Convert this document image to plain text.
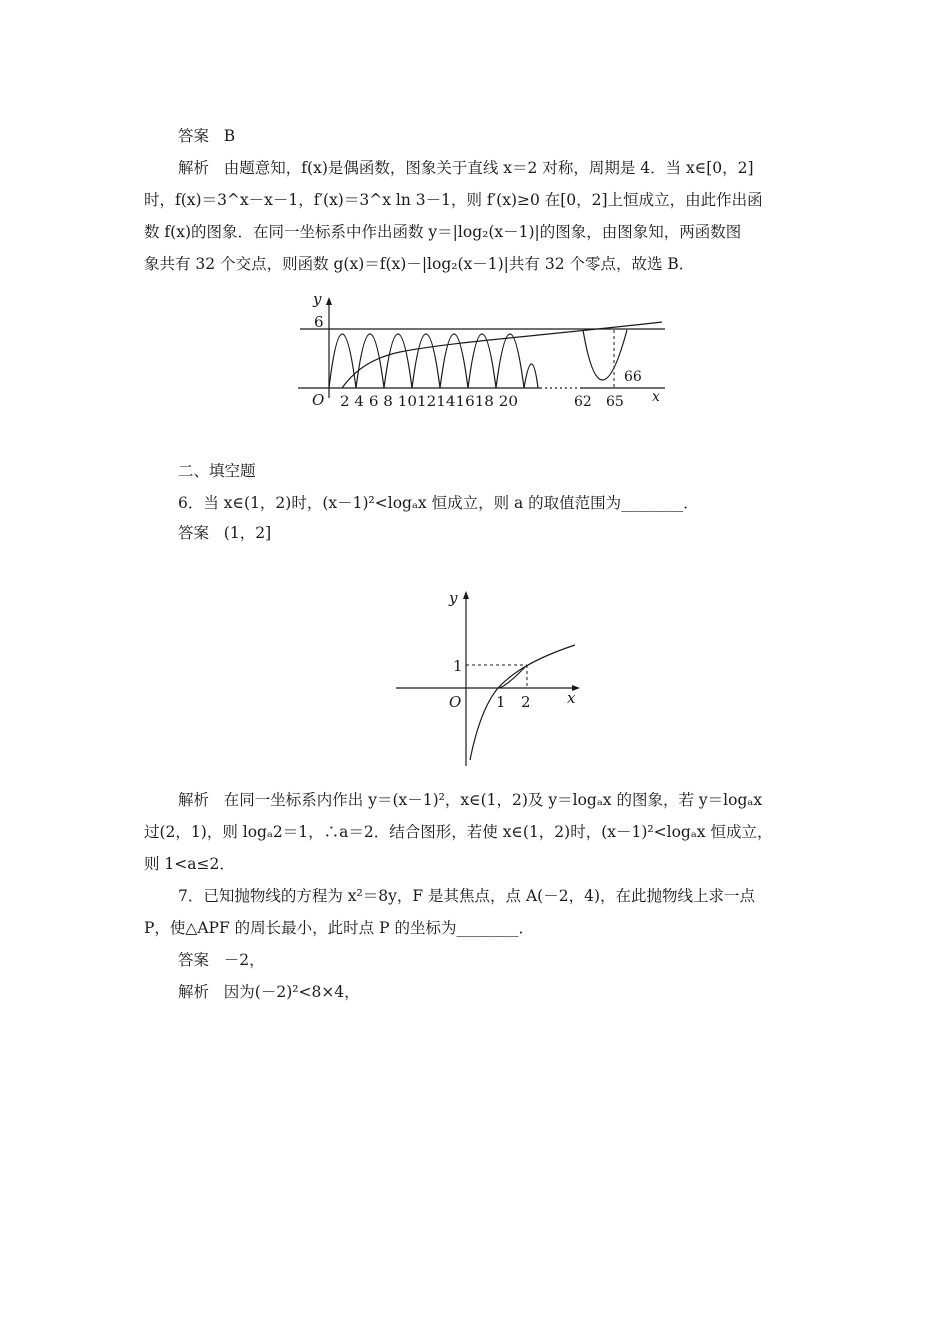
答案 B
解析 由题意知，f(x)是偶函数，图象关于直线 x＝2 对称，周期是 4．当 x∈[0，2]
时，f(x)＝3^x－x－1，f′(x)＝3^x ln 3－1，则 f′(x)≥0 在[0，2]上恒成立，由此作出函
数 f(x)的图象．在同一坐标系中作出函数 y＝|log₂(x－1)|的图象，由图象知，两函数图
象共有 32 个交点，则函数 g(x)＝f(x)－|log₂(x－1)|共有 32 个零点，故选 B．
y
6
O 2 4 6 8 1012141618 20	62 65
66
x
二、填空题
6．当 x∈(1，2)时，(x－1)²<logₐx 恒成立，则 a 的取值范围为________．
答案 (1，2]
y
1
O 1 2 x
解析 在同一坐标系内作出 y＝(x－1)²，x∈(1，2)及 y＝logₐx 的图象，若 y＝logₐx
过(2，1)，则 logₐ2＝1，∴a＝2．结合图形，若使 x∈(1，2)时，(x－1)²<logₐx 恒成立，
则 1<a≤2．
7．已知抛物线的方程为 x²＝8y，F 是其焦点，点 A(－2，4)，在此抛物线上求一点
P，使△APF 的周长最小，此时点 P 的坐标为________．
答案 －2，
解析 因为(－2)²<8×4，
